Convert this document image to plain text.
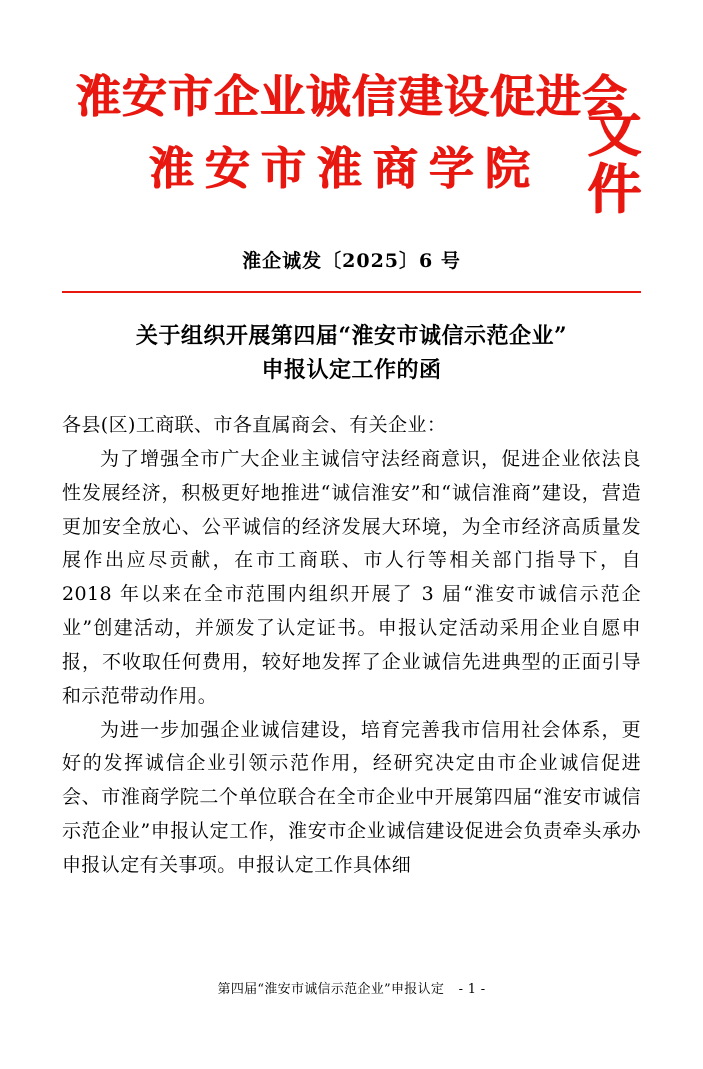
淮安市企业诚信建设促进会
淮安市淮商学院
文件
淮企诚发〔2025〕6 号
关于组织开展第四届“淮安市诚信示范企业”
申报认定工作的函

各县(区)工商联、市各直属商会、有关企业：

为了增强全市广大企业主诚信守法经商意识，促进企业依法良性发展经济，积极更好地推进“诚信淮安”和“诚信淮商”建设，营造更加安全放心、公平诚信的经济发展大环境，为全市经济高质量发展作出应尽贡献，在市工商联、市人行等相关部门指导下，自 2018 年以来在全市范围内组织开展了 3 届“淮安市诚信示范企业”创建活动，并颁发了认定证书。申报认定活动采用企业自愿申报，不收取任何费用，较好地发挥了企业诚信先进典型的正面引导和示范带动作用。

为进一步加强企业诚信建设，培育完善我市信用社会体系，更好的发挥诚信企业引领示范作用，经研究决定由市企业诚信促进会、市淮商学院二个单位联合在全市企业中开展第四届“淮安市诚信示范企业”申报认定工作，淮安市企业诚信建设促进会负责牵头承办申报认定有关事项。申报认定工作具体细

第四届“淮安市诚信示范企业”申报认定 - 1 -
